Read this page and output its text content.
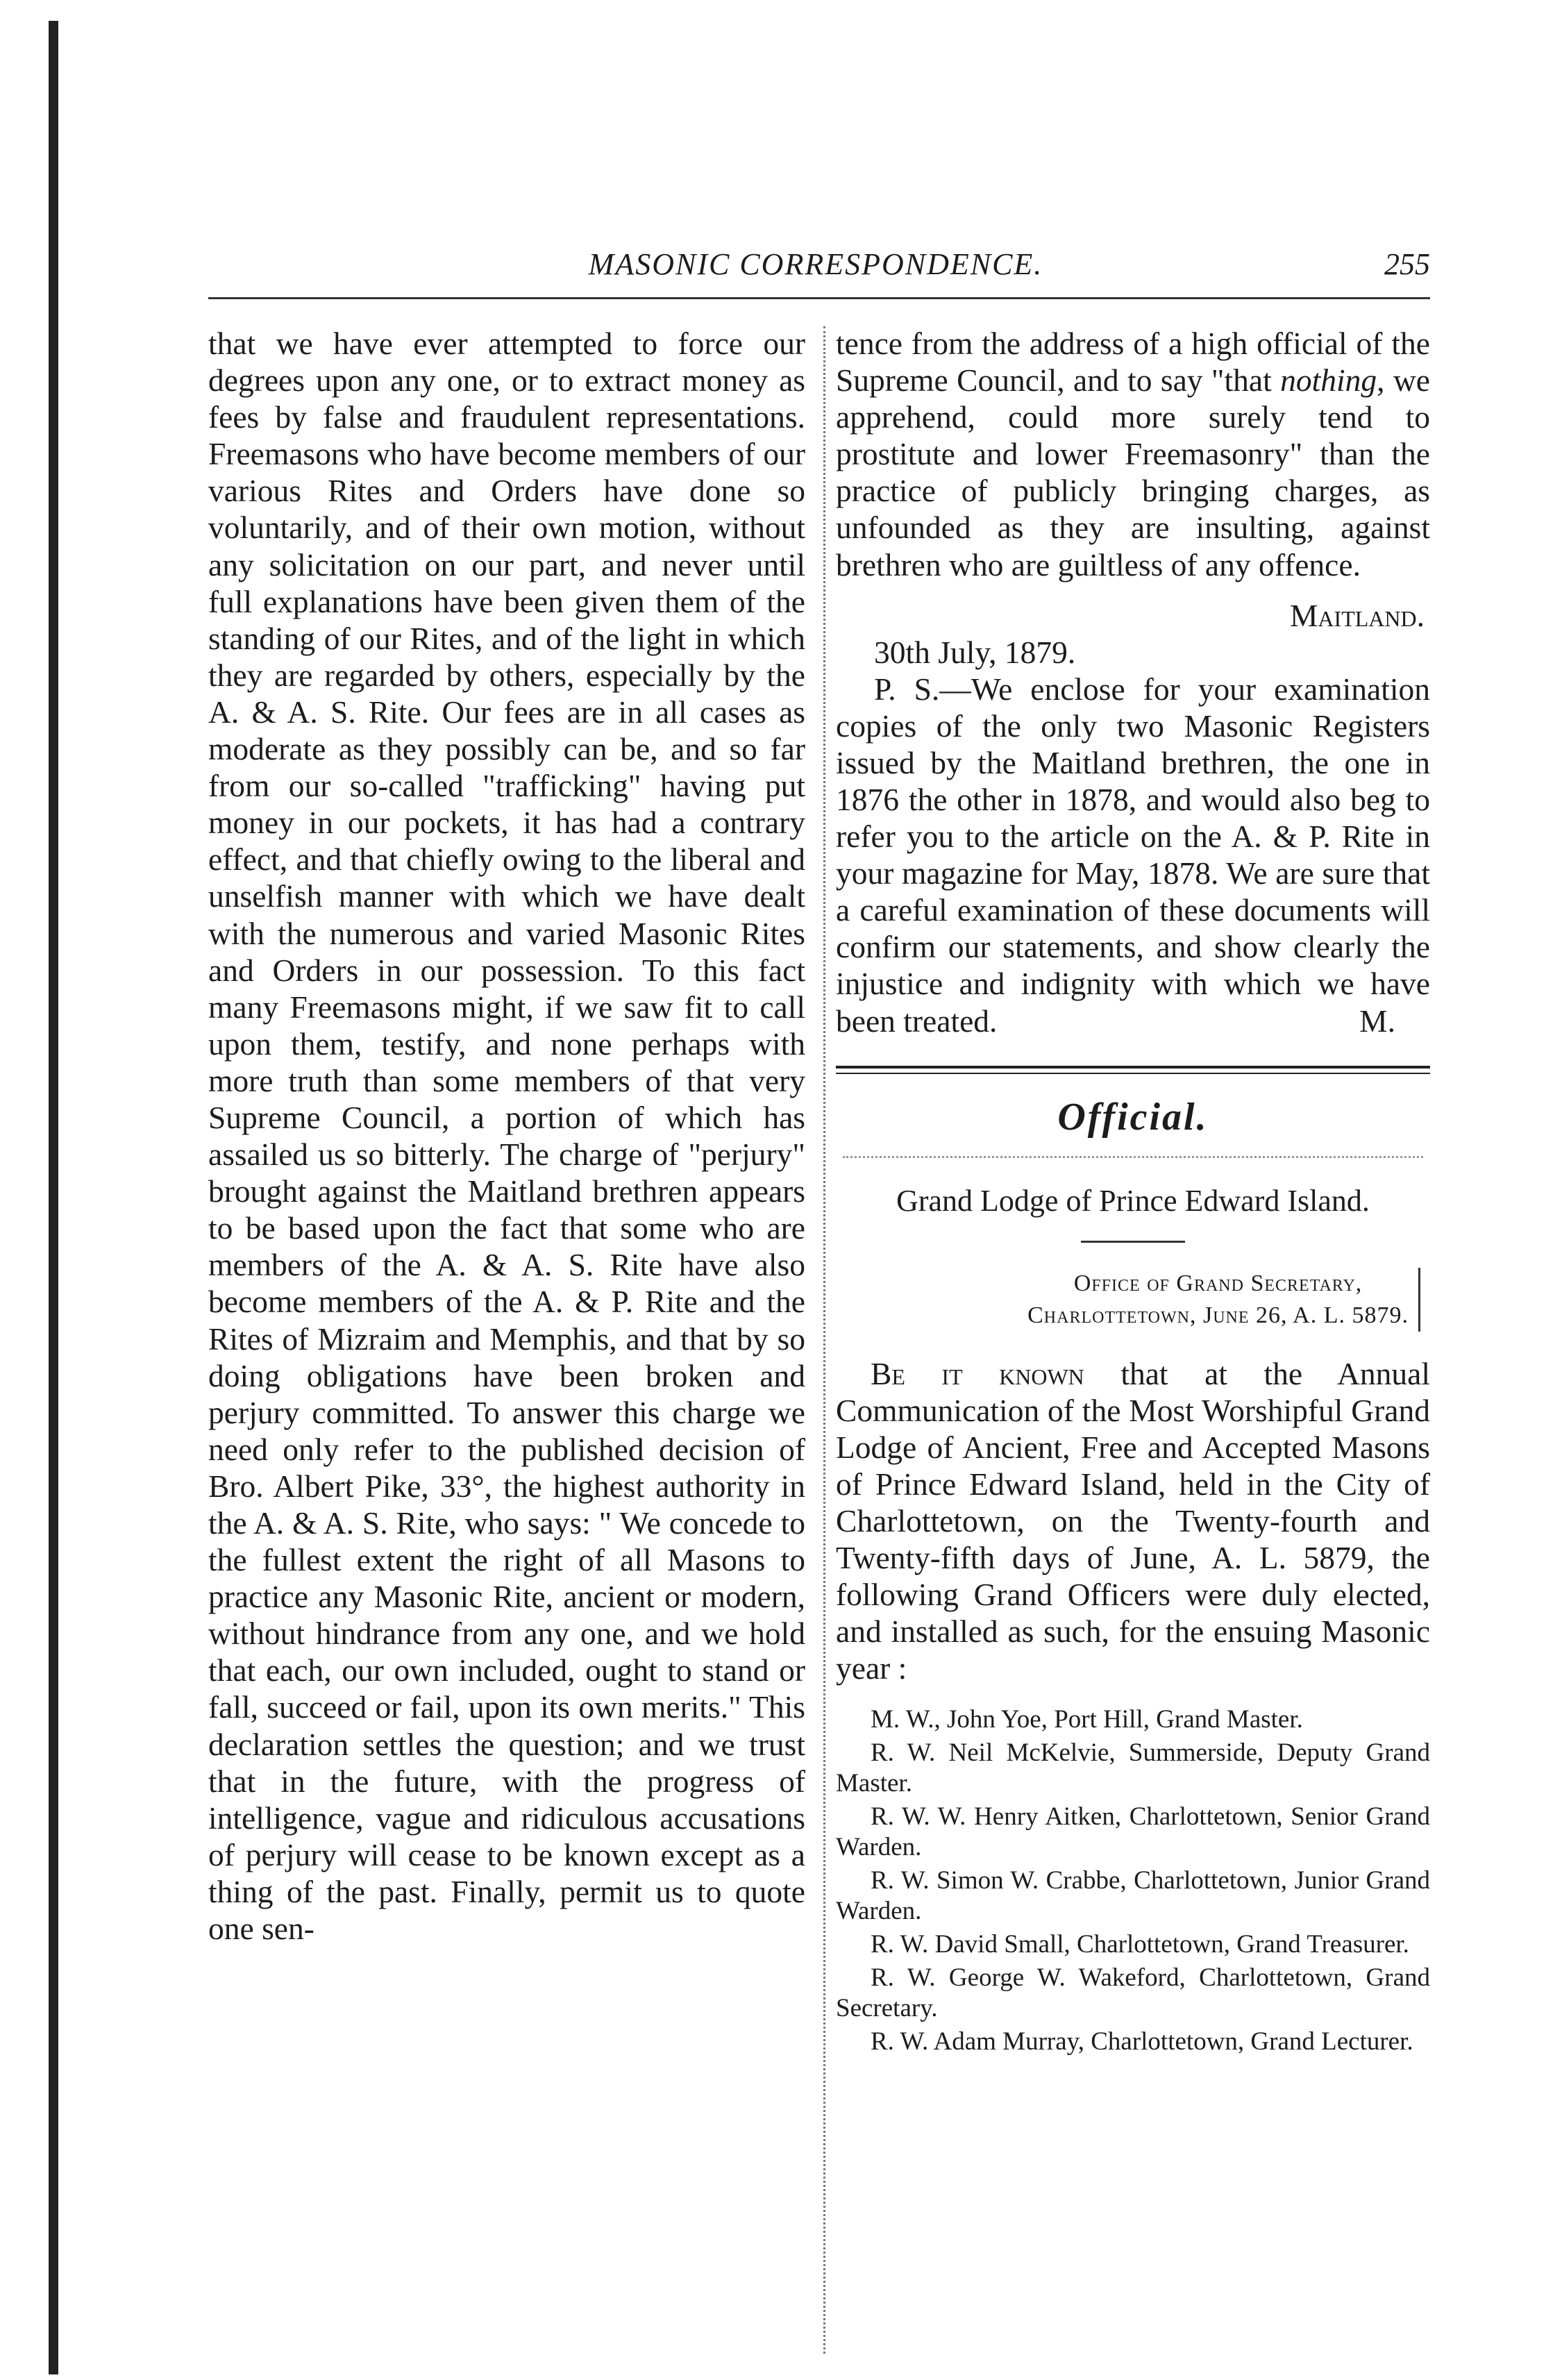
MASONIC CORRESPONDENCE.	255

that we have ever attempted to force our degrees upon any one, or to extract money as fees by false and fraudulent representations. Freemasons who have become members of our various Rites and Orders have done so voluntarily, and of their own motion, without any solicitation on our part, and never until full explanations have been given them of the standing of our Rites, and of the light in which they are regarded by others, especially by the A. & A. S. Rite. Our fees are in all cases as moderate as they possibly can be, and so far from our so-called "trafficking" having put money in our pockets, it has had a contrary effect, and that chiefly owing to the liberal and unselfish manner with which we have dealt with the numerous and varied Masonic Rites and Orders in our possession. To this fact many Freemasons might, if we saw fit to call upon them, testify, and none perhaps with more truth than some members of that very Supreme Council, a portion of which has assailed us so bitterly. The charge of "perjury" brought against the Maitland brethren appears to be based upon the fact that some who are members of the A. & A. S. Rite have also become members of the A. & P. Rite and the Rites of Mizraim and Memphis, and that by so doing obligations have been broken and perjury committed. To answer this charge we need only refer to the published decision of Bro. Albert Pike, 33°, the highest authority in the A. & A. S. Rite, who says: " We concede to the fullest extent the right of all Masons to practice any Masonic Rite, ancient or modern, without hindrance from any one, and we hold that each, our own included, ought to stand or fall, succeed or fail, upon its own merits." This declaration settles the question; and we trust that in the future, with the progress of intelligence, vague and ridiculous accusations of perjury will cease to be known except as a thing of the past. Finally, permit us to quote one sen-

tence from the address of a high official of the Supreme Council, and to say "that nothing, we apprehend, could more surely tend to prostitute and lower Freemasonry" than the practice of publicly bringing charges, as unfounded as they are insulting, against brethren who are guiltless of any offence.

Maitland.

30th July, 1879.

P. S.—We enclose for your examination copies of the only two Masonic Registers issued by the Maitland brethren, the one in 1876 the other in 1878, and would also beg to refer you to the article on the A. & P. Rite in your magazine for May, 1878. We are sure that a careful examination of these documents will confirm our statements, and show clearly the injustice and indignity with which we have been treated.	M.

Official.
Grand Lodge of Prince Edward Island.
Office of Grand Secretary,
Charlottetown, June 26, A. L. 5879.

Be it known that at the Annual Communication of the Most Worshipful Grand Lodge of Ancient, Free and Accepted Masons of Prince Edward Island, held in the City of Charlottetown, on the Twenty-fourth and Twenty-fifth days of June, A. L. 5879, the following Grand Officers were duly elected, and installed as such, for the ensuing Masonic year :

M. W., John Yoe, Port Hill, Grand Master.
R. W. Neil McKelvie, Summerside, Deputy Grand Master.
R. W. W. Henry Aitken, Charlottetown, Senior Grand Warden.
R. W. Simon W. Crabbe, Charlottetown, Junior Grand Warden.
R. W. David Small, Charlottetown, Grand Treasurer.
R. W. George W. Wakeford, Charlottetown, Grand Secretary.
R. W. Adam Murray, Charlottetown, Grand Lecturer.
